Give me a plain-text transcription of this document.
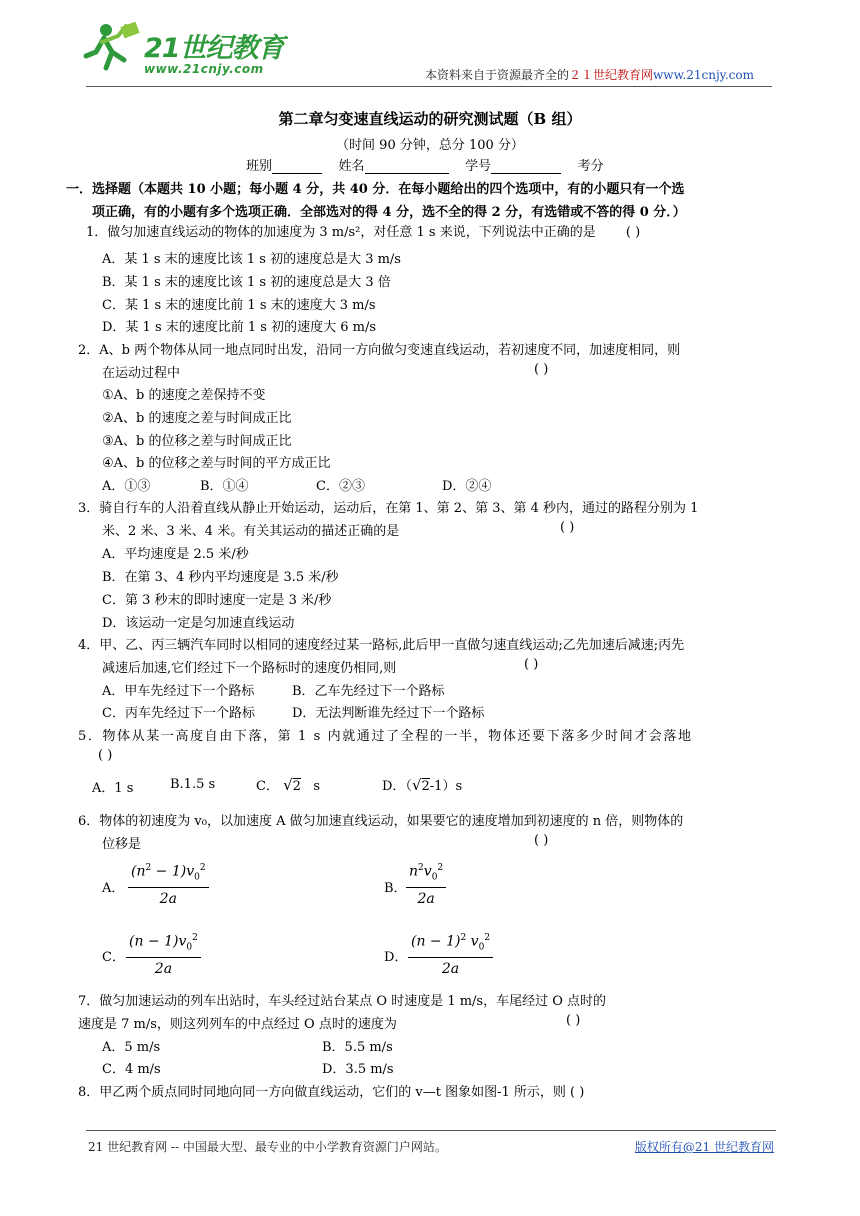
21世纪教育
www.21cnjy.com	本资料来自于资源最齐全的２１世纪教育网www.21cnjy.com
第二章匀变速直线运动的研究测试题（B 组）
（时间 90 分钟，总分 100 分）
班别	姓名	学号	考分
一．选择题（本题共 10 小题；每小题 4 分，共 40 分．在每小题给出的四个选项中，有的小题只有一个选
项正确，有的小题有多个选项正确．全部选对的得 4 分，选不全的得 2 分，有选错或不答的得 0 分．）
1．做匀加速直线运动的物体的加速度为 3 m/s²，对任意 1 s 来说，下列说法中正确的是 ( )
A．某 1 s 末的速度比该 1 s 初的速度总是大 3 m/s
B．某 1 s 末的速度比该 1 s 初的速度总是大 3 倍
C．某 1 s 末的速度比前 1 s 末的速度大 3 m/s
D．某 1 s 末的速度比前 1 s 初的速度大 6 m/s
2．A、b 两个物体从同一地点同时出发，沿同一方向做匀变速直线运动，若初速度不同，加速度相同，则
在运动过程中	( )
①A、b 的速度之差保持不变
②A、b 的速度之差与时间成正比
③A、b 的位移之差与时间成正比
④A、b 的位移之差与时间的平方成正比
A．①③	B．①④	C．②③	D．②④
3．骑自行车的人沿着直线从静止开始运动，运动后，在第 1、第 2、第 3、第 4 秒内，通过的路程分别为 1
米、2 米、3 米、4 米。有关其运动的描述正确的是	( )
A．平均速度是 2.5 米/秒
B．在第 3、4 秒内平均速度是 3.5 米/秒
C．第 3 秒末的即时速度一定是 3 米/秒
D．该运动一定是匀加速直线运动
4．甲、乙、丙三辆汽车同时以相同的速度经过某一路标,此后甲一直做匀速直线运动;乙先加速后减速;丙先
减速后加速,它们经过下一个路标时的速度仍相同,则	( )
A．甲车先经过下一个路标	B．乙车先经过下一个路标
C．丙车先经过下一个路标	D．无法判断谁先经过下一个路标
5．物体从某一高度自由下落，第 1 s 内就通过了全程的一半，物体还要下落多少时间才会落地
( )
A．1 s	B.1.5 s	C． √2 s	D．（√2-1）s
6．物体的初速度为 v₀，以加速度 A 做匀加速直线运动，如果要它的速度增加到初速度的 n 倍，则物体的
位移是	( )
A． $\frac{(n^2 - 1)v_0^2}{2a}$	B． $\frac{n^2v_0^2}{2a}$
C． $\frac{(n - 1)v_0^2}{2a}$	D． $\frac{(n - 1)^2 v_0^2}{2a}$
7．做匀加速运动的列车出站时，车头经过站台某点 O 时速度是 1 m/s，车尾经过 O 点时的
速度是 7 m/s，则这列列车的中点经过 O 点时的速度为	( )
A．5 m/s	B．5.5 m/s
C．4 m/s	D．3.5 m/s
8．甲乙两个质点同时同地向同一方向做直线运动，它们的 v—t 图象如图-1 所示，则 ( )
21 世纪教育网 -- 中国最大型、最专业的中小学教育资源门户网站。	版权所有@21 世纪教育网
